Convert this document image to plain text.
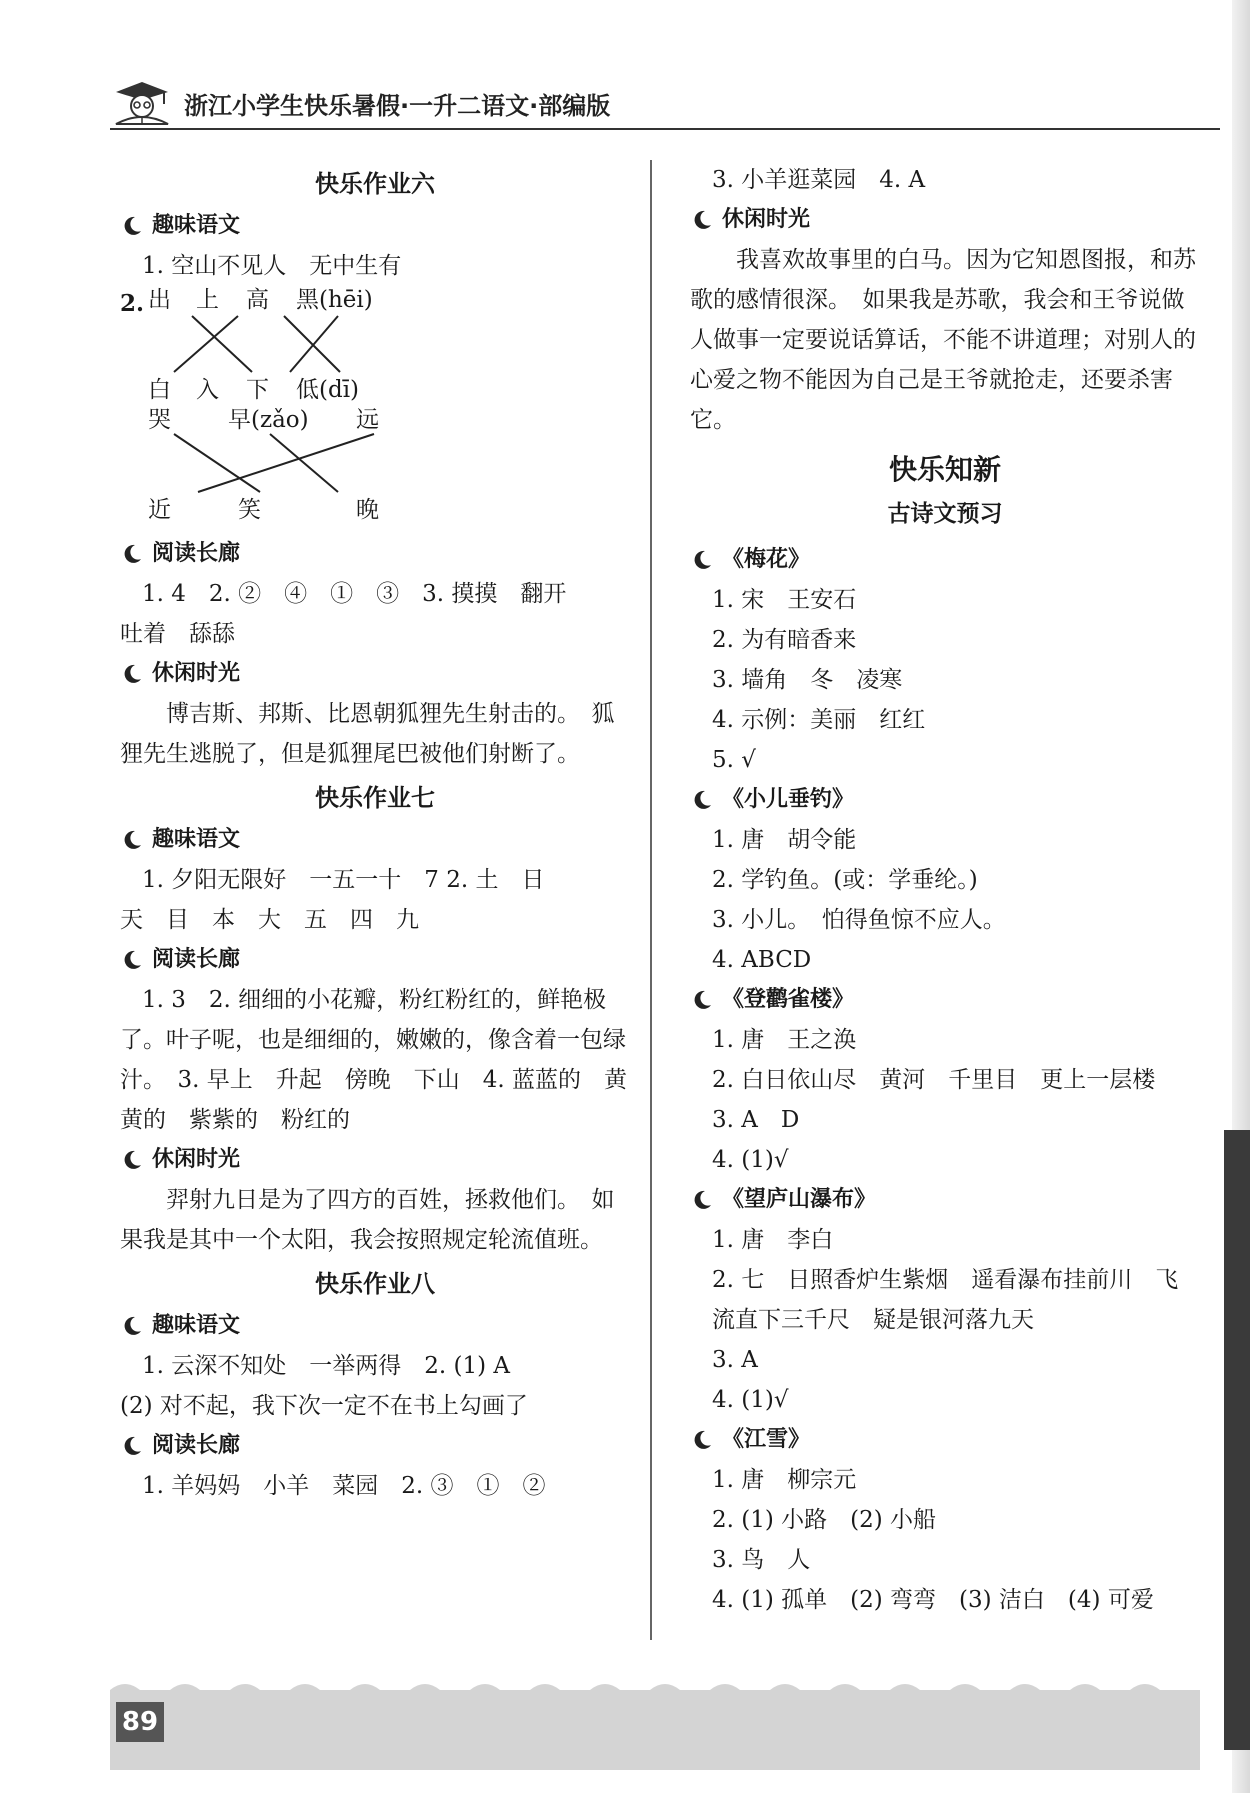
浙江小学生快乐暑假·一升二语文·部编版
快乐作业六
趣味语文
1. 空山不见人　无中生有
2. 出 上 高 黑(hēi)
白 入 下 低(dī)
哭 早(zǎo) 远
近	笑	晚
阅读长廊
1. 4　2. ②　④　①　③　3. 摸摸　翻开
吐着　舔舔
休闲时光
博吉斯、邦斯、比恩朝狐狸先生射击的。　狐狸先生逃脱了，但是狐狸尾巴被他们射断了。
快乐作业七
趣味语文
1. 夕阳无限好　一五一十　7 2. 土　日
天　目　本　大　五　四　九
阅读长廊
1. 3　2. 细细的小花瓣，粉红粉红的，鲜艳极了。叶子呢，也是细细的，嫩嫩的，像含着一包绿汁。　3. 早上　升起　傍晚　下山　4. 蓝蓝的　黄黄的　紫紫的　粉红的
休闲时光
羿射九日是为了四方的百姓，拯救他们。　如果我是其中一个太阳，我会按照规定轮流值班。
快乐作业八
趣味语文
1. 云深不知处　一举两得　2. (1) A
(2) 对不起，我下次一定不在书上勾画了
阅读长廊
1. 羊妈妈　小羊　菜园　2. ③　①　②
3. 小羊逛菜园　4. A
休闲时光
我喜欢故事里的白马。因为它知恩图报，和苏歌的感情很深。　如果我是苏歌，我会和王爷说做人做事一定要说话算话，不能不讲道理；对别人的心爱之物不能因为自己是王爷就抢走，还要杀害它。
快乐知新
古诗文预习
《梅花》
1. 宋　王安石
2. 为有暗香来
3. 墙角　冬　凌寒
4. 示例：美丽　红红
5. √
《小儿垂钓》
1. 唐　胡令能
2. 学钓鱼。(或：学垂纶。)
3. 小儿。　怕得鱼惊不应人。
4. ABCD
《登鹳雀楼》
1. 唐　王之涣
2. 白日依山尽　黄河　千里目　更上一层楼
3. A　D
4. (1)√
《望庐山瀑布》
1. 唐　李白
2. 七　日照香炉生紫烟　遥看瀑布挂前川　飞流直下三千尺　疑是银河落九天
3. A
4. (1)√
《江雪》
1. 唐　柳宗元
2. (1) 小路　(2) 小船
3. 鸟　人
4. (1) 孤单　(2) 弯弯　(3) 洁白　(4) 可爱
89
